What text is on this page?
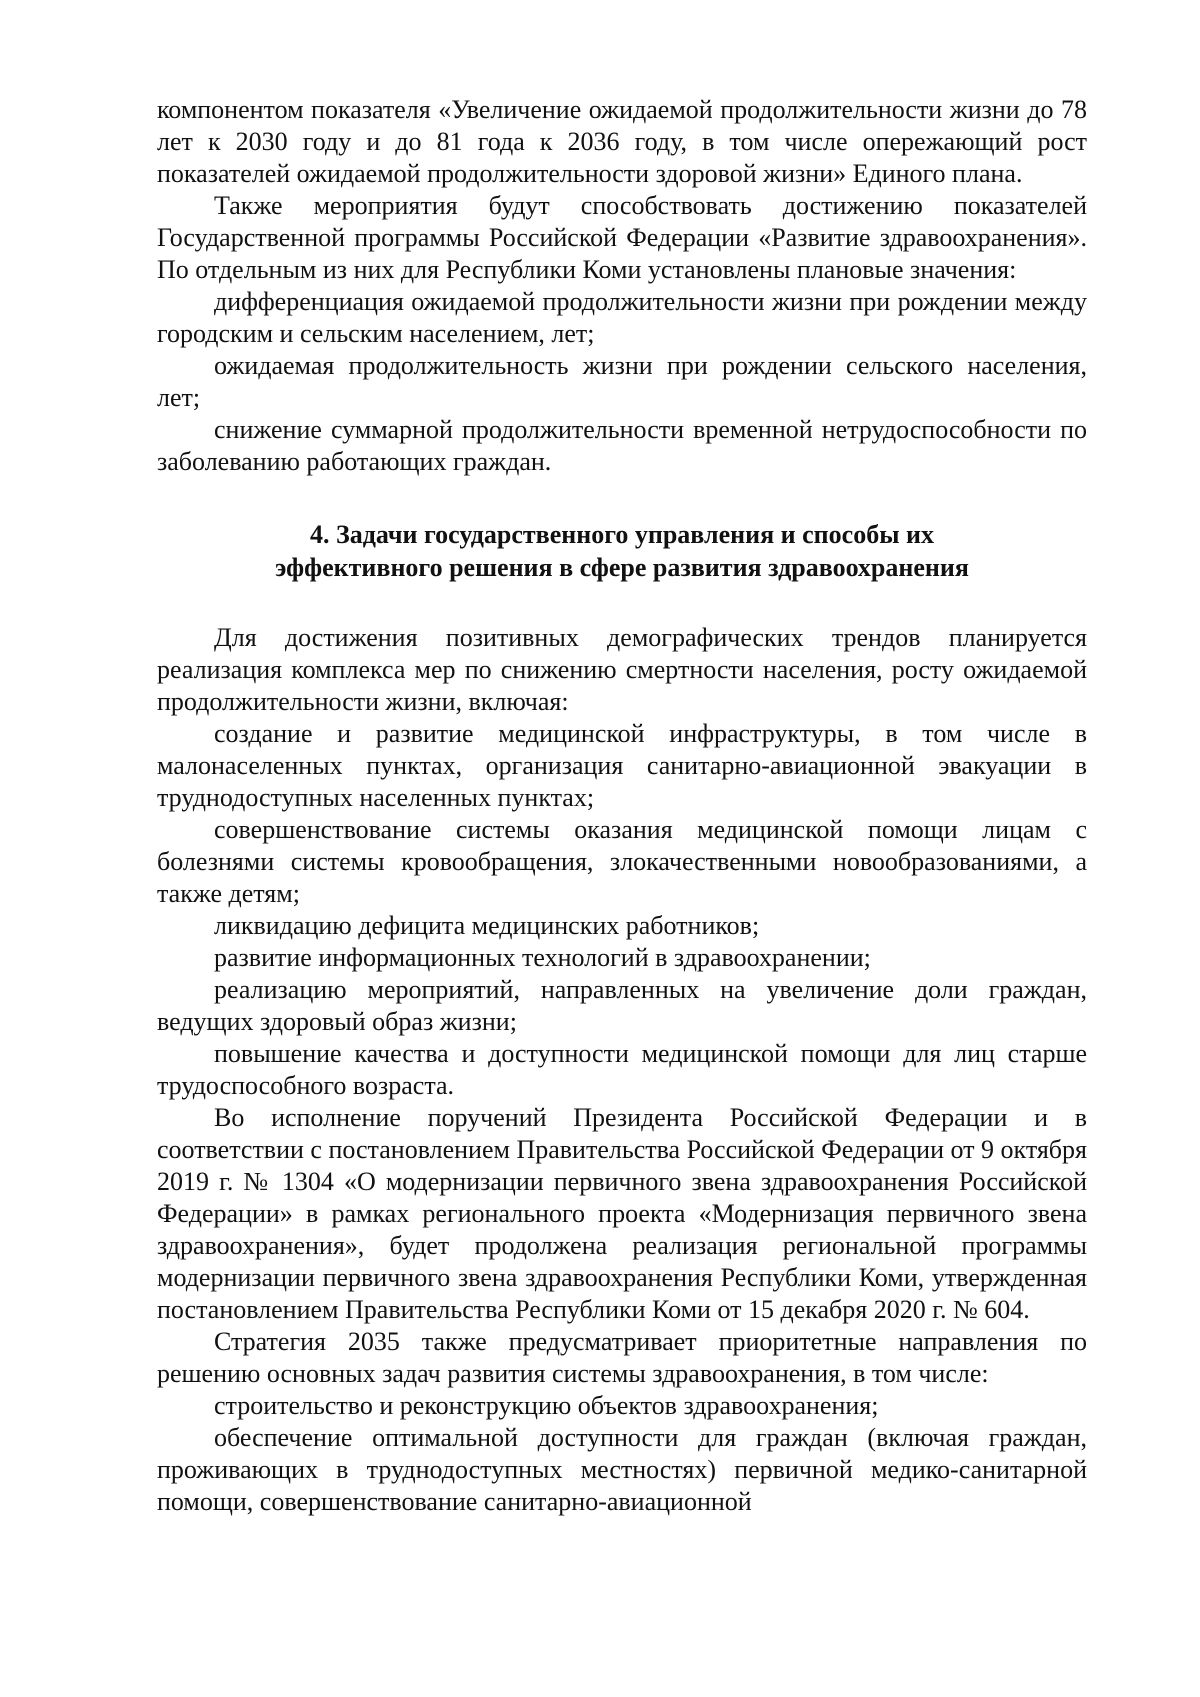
компонентом показателя «Увеличение ожидаемой продолжительности жизни до 78 лет к 2030 году и до 81 года к 2036 году, в том числе опережающий рост показателей ожидаемой продолжительности здоровой жизни» Единого плана.

Также мероприятия будут способствовать достижению показателей Государственной программы Российской Федерации «Развитие здравоохранения». По отдельным из них для Республики Коми установлены плановые значения:

дифференциация ожидаемой продолжительности жизни при рождении между городским и сельским населением, лет;

ожидаемая продолжительность жизни при рождении сельского населения, лет;

снижение суммарной продолжительности временной нетрудоспособности по заболеванию работающих граждан.

4. Задачи государственного управления и способы их
эффективного решения в сфере развития здравоохранения

Для достижения позитивных демографических трендов планируется реализация комплекса мер по снижению смертности населения, росту ожидаемой продолжительности жизни, включая:

создание и развитие медицинской инфраструктуры, в том числе в малонаселенных пунктах, организация санитарно-авиационной эвакуации в труднодоступных населенных пунктах;

совершенствование системы оказания медицинской помощи лицам с болезнями системы кровообращения, злокачественными новообразованиями, а также детям;

ликвидацию дефицита медицинских работников;

развитие информационных технологий в здравоохранении;

реализацию мероприятий, направленных на увеличение доли граждан, ведущих здоровый образ жизни;

повышение качества и доступности медицинской помощи для лиц старше трудоспособного возраста.

Во исполнение поручений Президента Российской Федерации и в соответствии с постановлением Правительства Российской Федерации от 9 октября 2019 г. № 1304 «О модернизации первичного звена здравоохранения Российской Федерации» в рамках регионального проекта «Модернизация первичного звена здравоохранения», будет продолжена реализация региональной программы модернизации первичного звена здравоохранения Республики Коми, утвержденная постановлением Правительства Республики Коми от 15 декабря 2020 г. № 604.

Стратегия 2035 также предусматривает приоритетные направления по решению основных задач развития системы здравоохранения, в том числе:

строительство и реконструкцию объектов здравоохранения;

обеспечение оптимальной доступности для граждан (включая граждан, проживающих в труднодоступных местностях) первичной медико-санитарной помощи, совершенствование санитарно-авиационной
